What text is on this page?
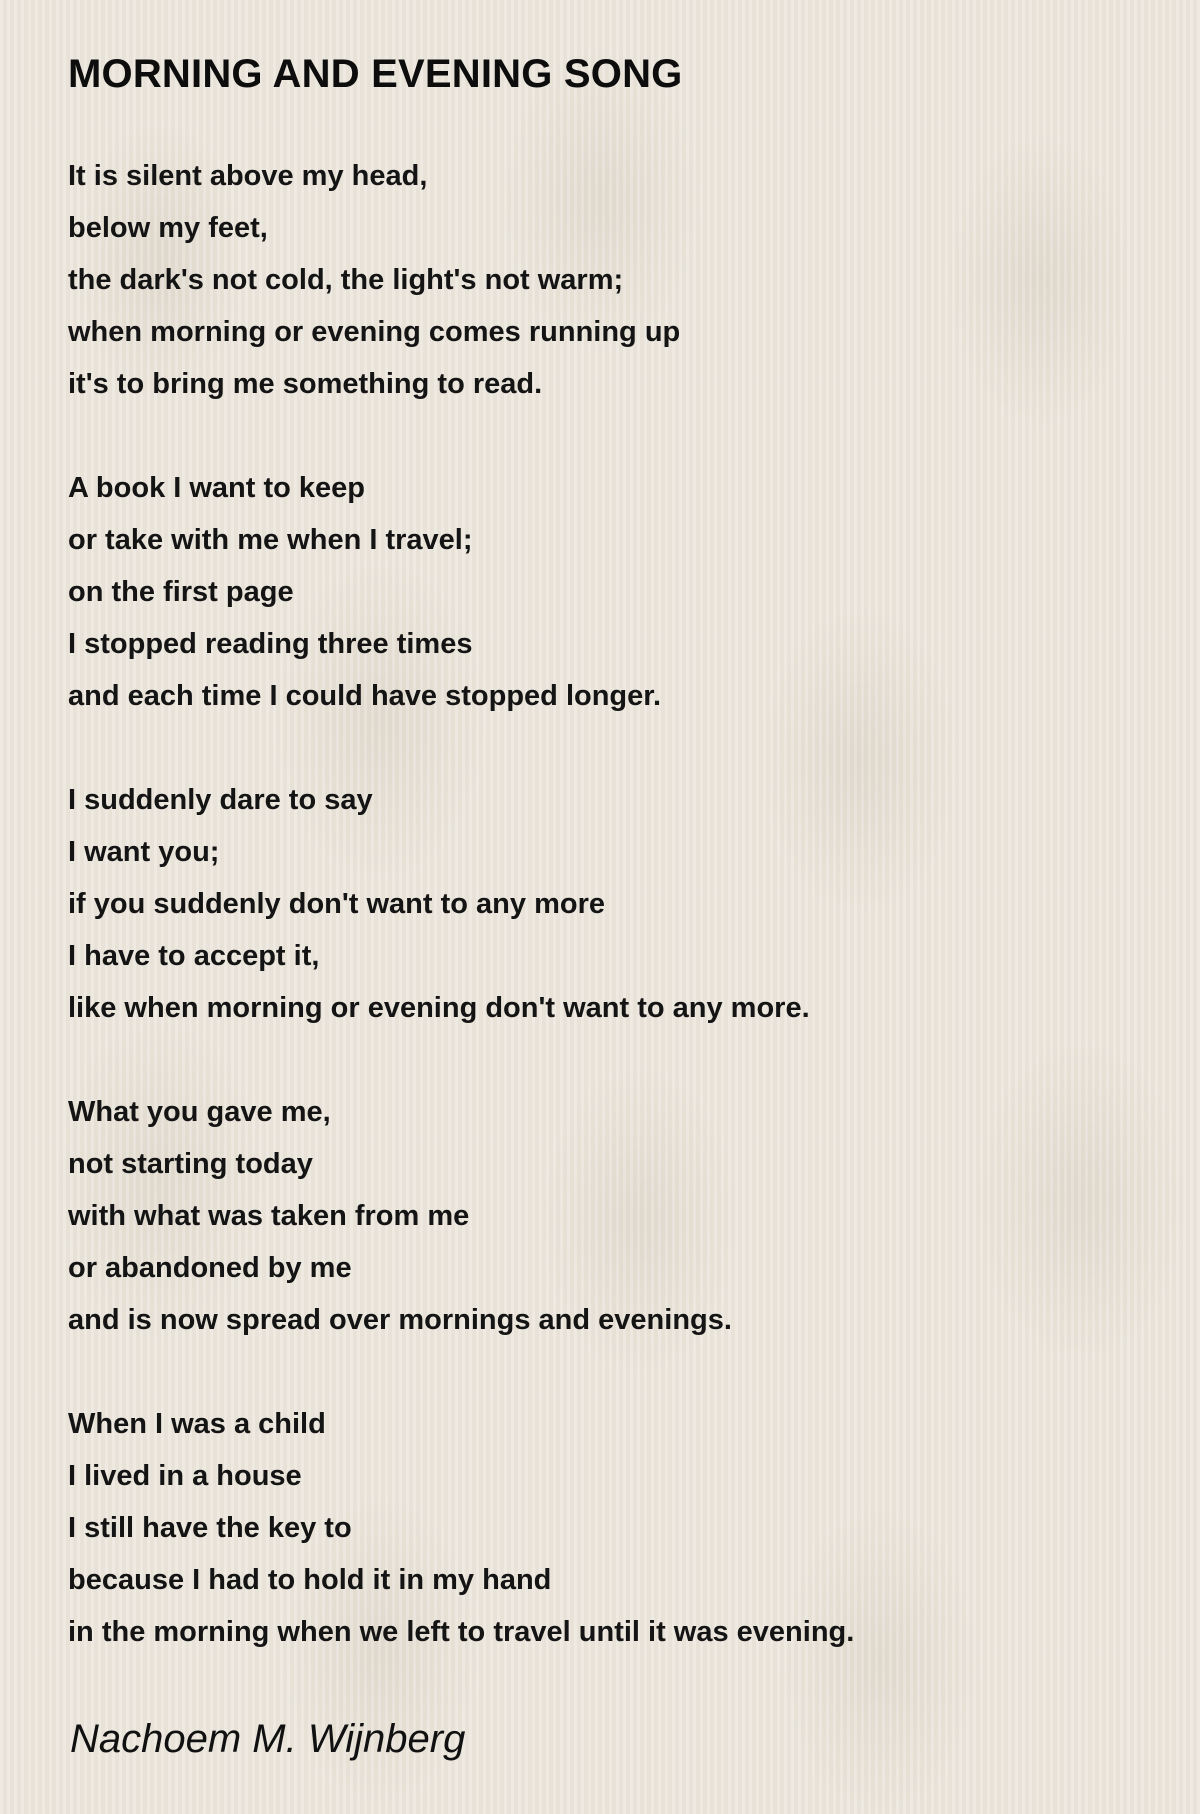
MORNING AND EVENING SONG
It is silent above my head,
below my feet,
the dark's not cold, the light's not warm;
when morning or evening comes running up
it's to bring me something to read.
A book I want to keep
or take with me when I travel;
on the first page
I stopped reading three times
and each time I could have stopped longer.
I suddenly dare to say
I want you;
if you suddenly don't want to any more
I have to accept it,
like when morning or evening don't want to any more.
What you gave me,
not starting today
with what was taken from me
or abandoned by me
and is now spread over mornings and evenings.
When I was a child
I lived in a house
I still have the key to
because I had to hold it in my hand
in the morning when we left to travel until it was evening.

Nachoem M. Wijnberg
